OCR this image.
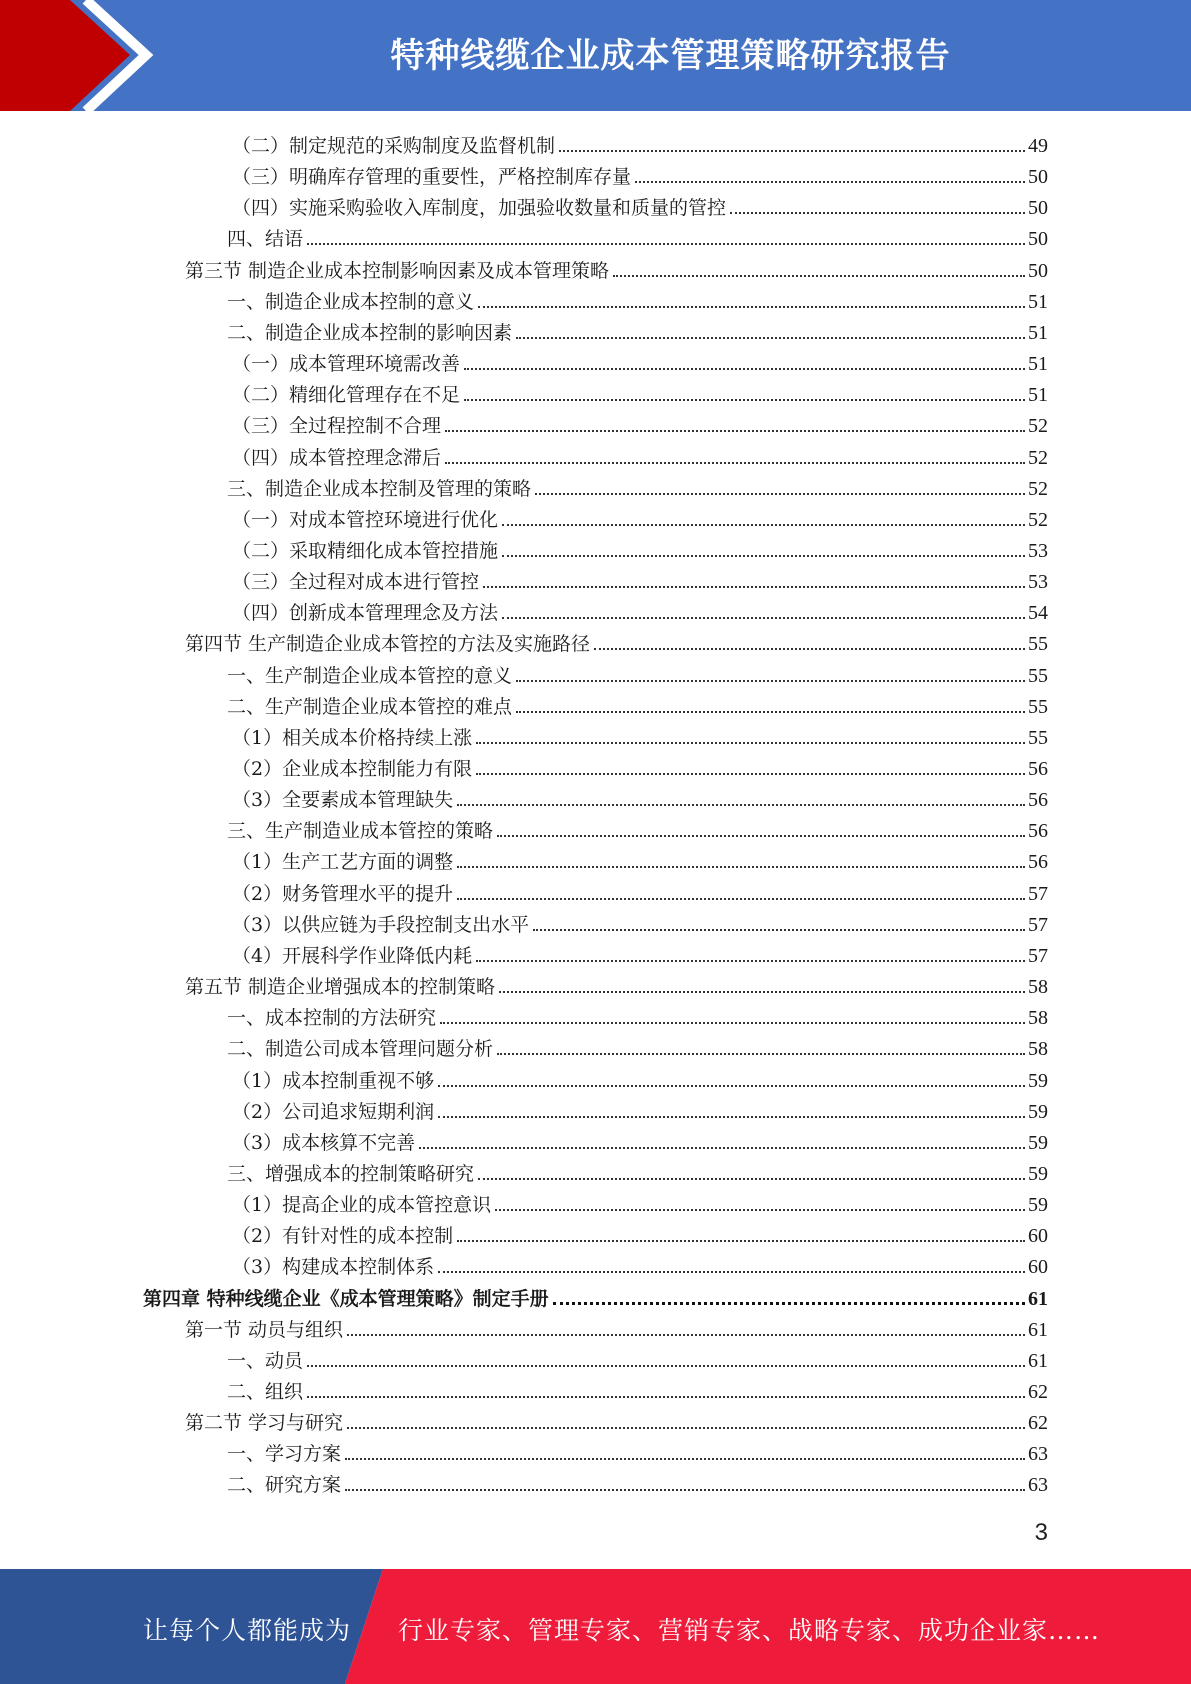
特种线缆企业成本管理策略研究报告
（二）制定规范的采购制度及监督机制	49
（三）明确库存管理的重要性，严格控制库存量	50
（四）实施采购验收入库制度，加强验收数量和质量的管控	50
四、结语	50
第三节 制造企业成本控制影响因素及成本管理策略	50
一、制造企业成本控制的意义	51
二、制造企业成本控制的影响因素	51
（一）成本管理环境需改善	51
（二）精细化管理存在不足	51
（三）全过程控制不合理	52
（四）成本管控理念滞后	52
三、制造企业成本控制及管理的策略	52
（一）对成本管控环境进行优化	52
（二）采取精细化成本管控措施	53
（三）全过程对成本进行管控	53
（四）创新成本管理理念及方法	54
第四节 生产制造企业成本管控的方法及实施路径	55
一、生产制造企业成本管控的意义	55
二、生产制造企业成本管控的难点	55
（1）相关成本价格持续上涨	55
（2）企业成本控制能力有限	56
（3）全要素成本管理缺失	56
三、生产制造业成本管控的策略	56
（1）生产工艺方面的调整	56
（2）财务管理水平的提升	57
（3）以供应链为手段控制支出水平	57
（4）开展科学作业降低内耗	57
第五节 制造企业增强成本的控制策略	58
一、成本控制的方法研究	58
二、制造公司成本管理问题分析	58
（1）成本控制重视不够	59
（2）公司追求短期利润	59
（3）成本核算不完善	59
三、增强成本的控制策略研究	59
（1）提高企业的成本管控意识	59
（2）有针对性的成本控制	60
（3）构建成本控制体系	60
第四章 特种线缆企业《成本管理策略》制定手册	61
第一节 动员与组织	61
一、动员	61
二、组织	62
第二节 学习与研究	62
一、学习方案	63
二、研究方案	63
3
让每个人都能成为 行业专家、管理专家、营销专家、战略专家、成功企业家……
